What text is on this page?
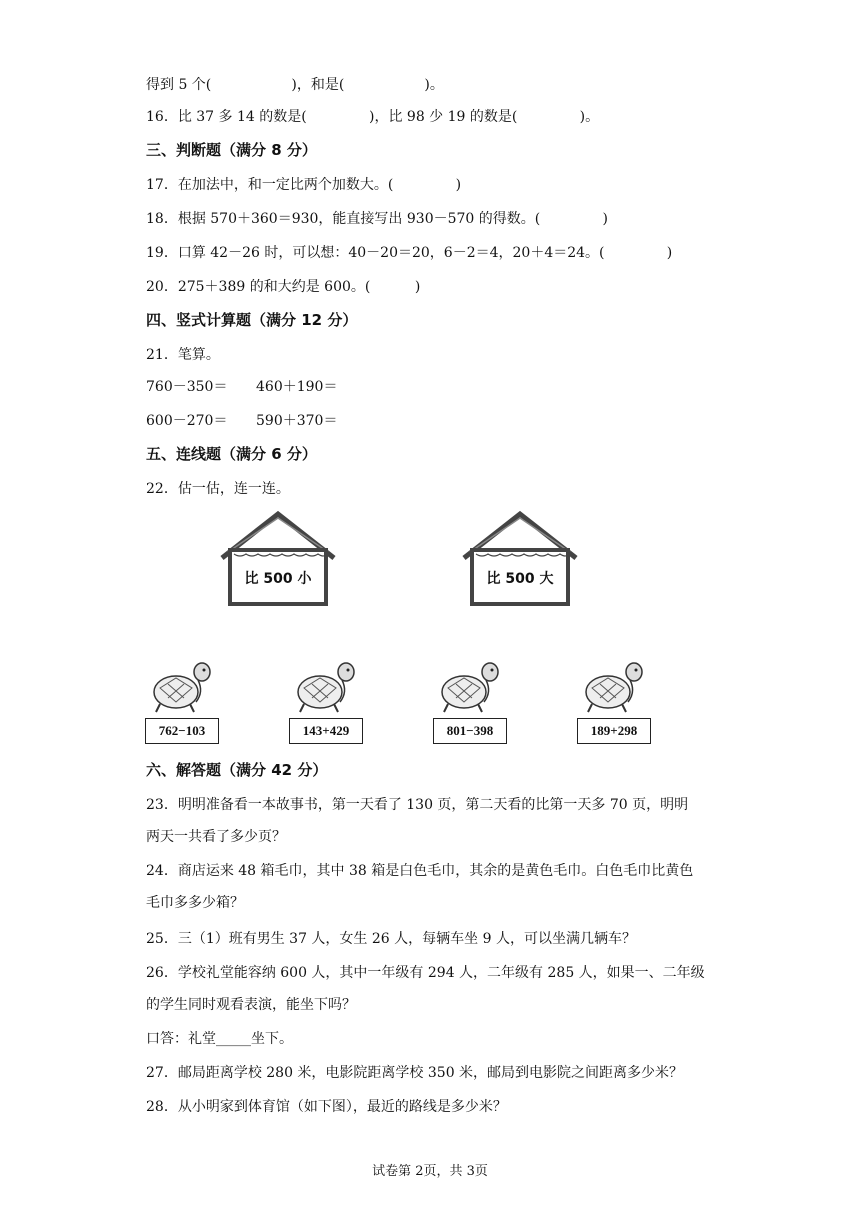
得到 5 个(                  )，和是(                  )。
16．比 37 多 14 的数是(              )，比 98 少 19 的数是(              )。
三、判断题（满分 8 分）
17．在加法中，和一定比两个加数大。(              )
18．根据 570＋360＝930，能直接写出 930－570 的得数。(              )
19．口算 42－26 时，可以想：40－20＝20，6－2＝4，20＋4＝24。(              )
20．275＋389 的和大约是 600。(          )
四、竖式计算题（满分 12 分）
21．笔算。
760－350＝ 460＋190＝
600－270＝ 590＋370＝
五、连线题（满分 6 分）
22．估一估，连一连。
比 500 小	比 500 大
762−103	143+429	801−398	189+298
六、解答题（满分 42 分）
23．明明准备看一本故事书，第一天看了 130 页，第二天看的比第一天多 70 页，明明
两天一共看了多少页？
24．商店运来 48 箱毛巾，其中 38 箱是白色毛巾，其余的是黄色毛巾。白色毛巾比黄色
毛巾多多少箱？
25．三（1）班有男生 37 人，女生 26 人，每辆车坐 9 人，可以坐满几辆车？
26．学校礼堂能容纳 600 人，其中一年级有 294 人，二年级有 285 人，如果一、二年级
的学生同时观看表演，能坐下吗？
口答：礼堂_____坐下。
27．邮局距离学校 280 米，电影院距离学校 350 米，邮局到电影院之间距离多少米？
28．从小明家到体育馆（如下图），最近的路线是多少米？
试卷第 2页，共 3页
